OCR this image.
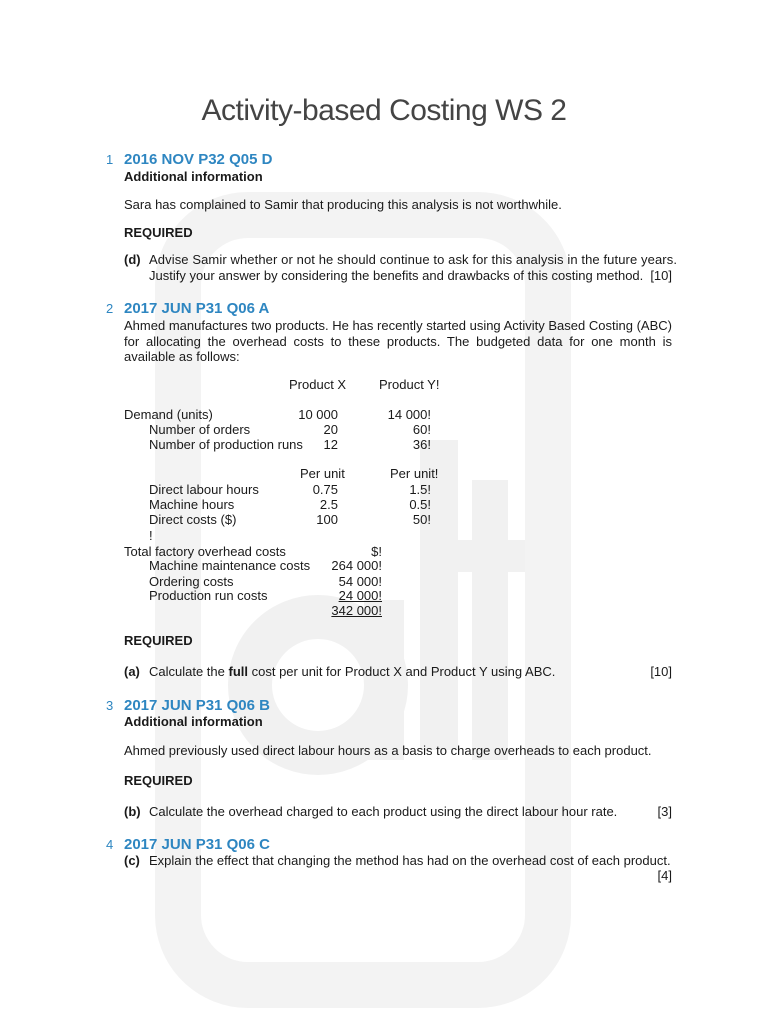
Activity-based Costing WS 2
1 2016 NOV P32 Q05 D
Additional information
Sara has complained to Samir that producing this analysis is not worthwhile.
REQUIRED
(d) Advise Samir whether or not he should continue to ask for this analysis in the future years.
Justify your answer by considering the benefits and drawbacks of this costing method. [10]
2 2017 JUN P31 Q06 A
Ahmed manufactures two products. He has recently started using Activity Based Costing (ABC) for allocating the overhead costs to these products. The budgeted data for one month is available as follows:
Product X	Product Y!
Demand (units)	10 000	14 000!
Number of orders	20	60!
Number of production runs	12	36!
Per unit	Per unit!
Direct labour hours	0.75	1.5!
Machine hours	2.5	0.5!
Direct costs ($)	100	50!
!
Total factory overhead costs	$!
Machine maintenance costs	264 000!
Ordering costs	54 000!
Production run costs	24 000!
342 000!
REQUIRED
(a) Calculate the full cost per unit for Product X and Product Y using ABC.	[10]
3 2017 JUN P31 Q06 B
Additional information
Ahmed previously used direct labour hours as a basis to charge overheads to each product.
REQUIRED
(b) Calculate the overhead charged to each product using the direct labour hour rate.	[3]
4 2017 JUN P31 Q06 C
(c) Explain the effect that changing the method has had on the overhead cost of each product.
[4]
